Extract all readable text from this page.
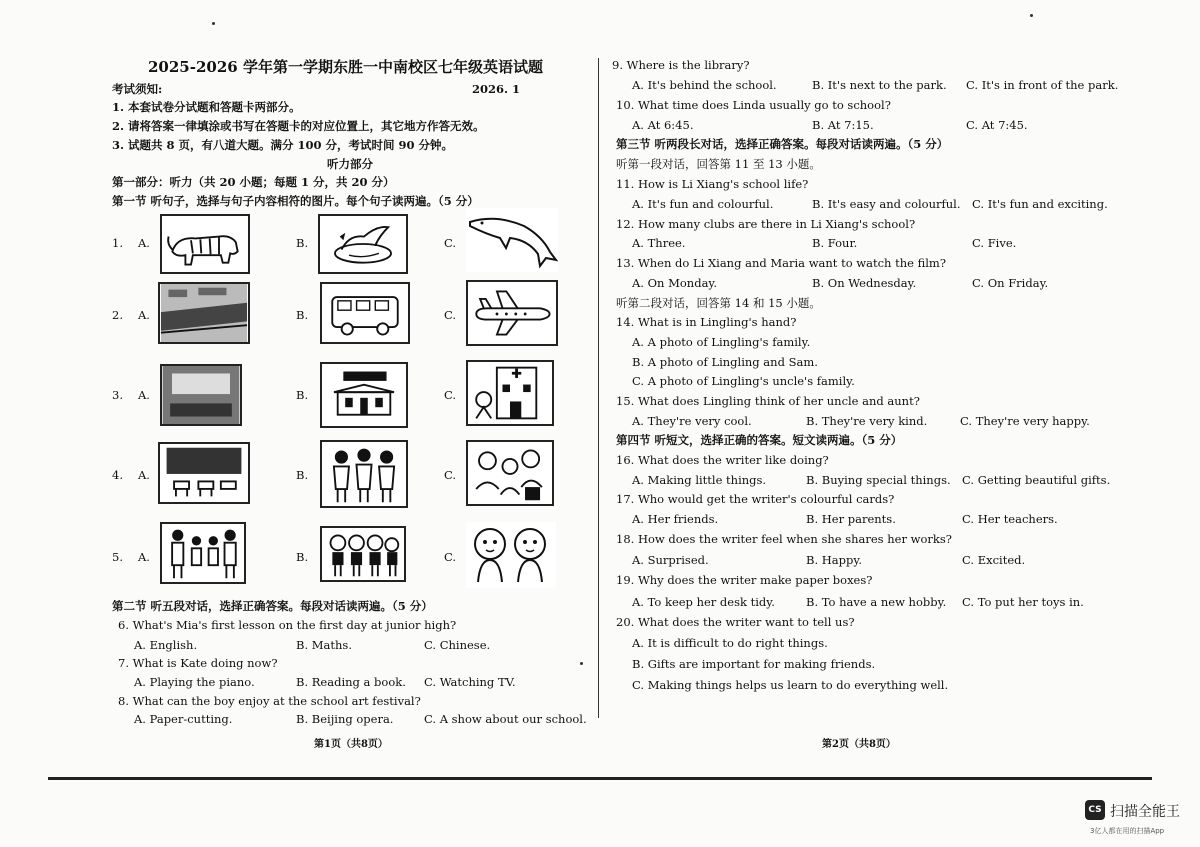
2025-2026 学年第一学期东胜一中南校区七年级英语试题
考试须知:	2026. 1
1. 本套试卷分试题和答题卡两部分。
2. 请将答案一律填涂或书写在答题卡的对应位置上，其它地方作答无效。
3. 试题共 8 页，有八道大题。满分 100 分，考试时间 90 分钟。
听力部分
第一部分：听力（共 20 小题；每题 1 分，共 20 分）
第一节 听句子，选择与句子内容相符的图片。每个句子读两遍。（5 分）
1. A.	B.	C.
2. A.	B.	C.
3. A.	B.	C.
4. A.	B.	C.
5. A.	B.	C.
第二节 听五段对话，选择正确答案。每段对话读两遍。（5 分）
6. What's Mia's first lesson on the first day at junior high?
A. English.	B. Maths.	C. Chinese.
7. What is Kate doing now?
A. Playing the piano.	B. Reading a book. C. Watching TV.
8. What can the boy enjoy at the school art festival?
A. Paper-cutting.	B. Beijing opera.	C. A show about our school.
第1页（共8页）
9. Where is the library?
A. It's behind the school.	B. It's next to the park. C. It's in front of the park.
10. What time does Linda usually go to school?
A. At 6:45.	B. At 7:15.	C. At 7:45.
第三节 听两段长对话，选择正确答案。每段对话读两遍。（5 分）
听第一段对话，回答第 11 至 13 小题。
11. How is Li Xiang's school life?
A. It's fun and colourful.	B. It's easy and colourful. C. It's fun and exciting.
12. How many clubs are there in Li Xiang's school?
A. Three.	B. Four.	C. Five.
13. When do Li Xiang and Maria want to watch the film?
A. On Monday.	B. On Wednesday.	C. On Friday.
听第二段对话，回答第 14 和 15 小题。
14. What is in Lingling's hand?
A. A photo of Lingling's family.
B. A photo of Lingling and Sam.
C. A photo of Lingling's uncle's family.
15. What does Lingling think of her uncle and aunt?
A. They're very cool.	B. They're very kind.	C. They're very happy.
第四节 听短文，选择正确的答案。短文读两遍。（5 分）
16. What does the writer like doing?
A. Making little things.	B. Buying special things. C. Getting beautiful gifts.
17. Who would get the writer's colourful cards?
A. Her friends.	B. Her parents.	C. Her teachers.
18. How does the writer feel when she shares her works?
A. Surprised.	B. Happy.	C. Excited.
19. Why does the writer make paper boxes?
A. To keep her desk tidy.	B. To have a new hobby. C. To put her toys in.
20. What does the writer want to tell us?
A. It is difficult to do right things.
B. Gifts are important for making friends.
C. Making things helps us learn to do everything well.
第2页（共8页）
CS 扫描全能王
3亿人都在用的扫描App
